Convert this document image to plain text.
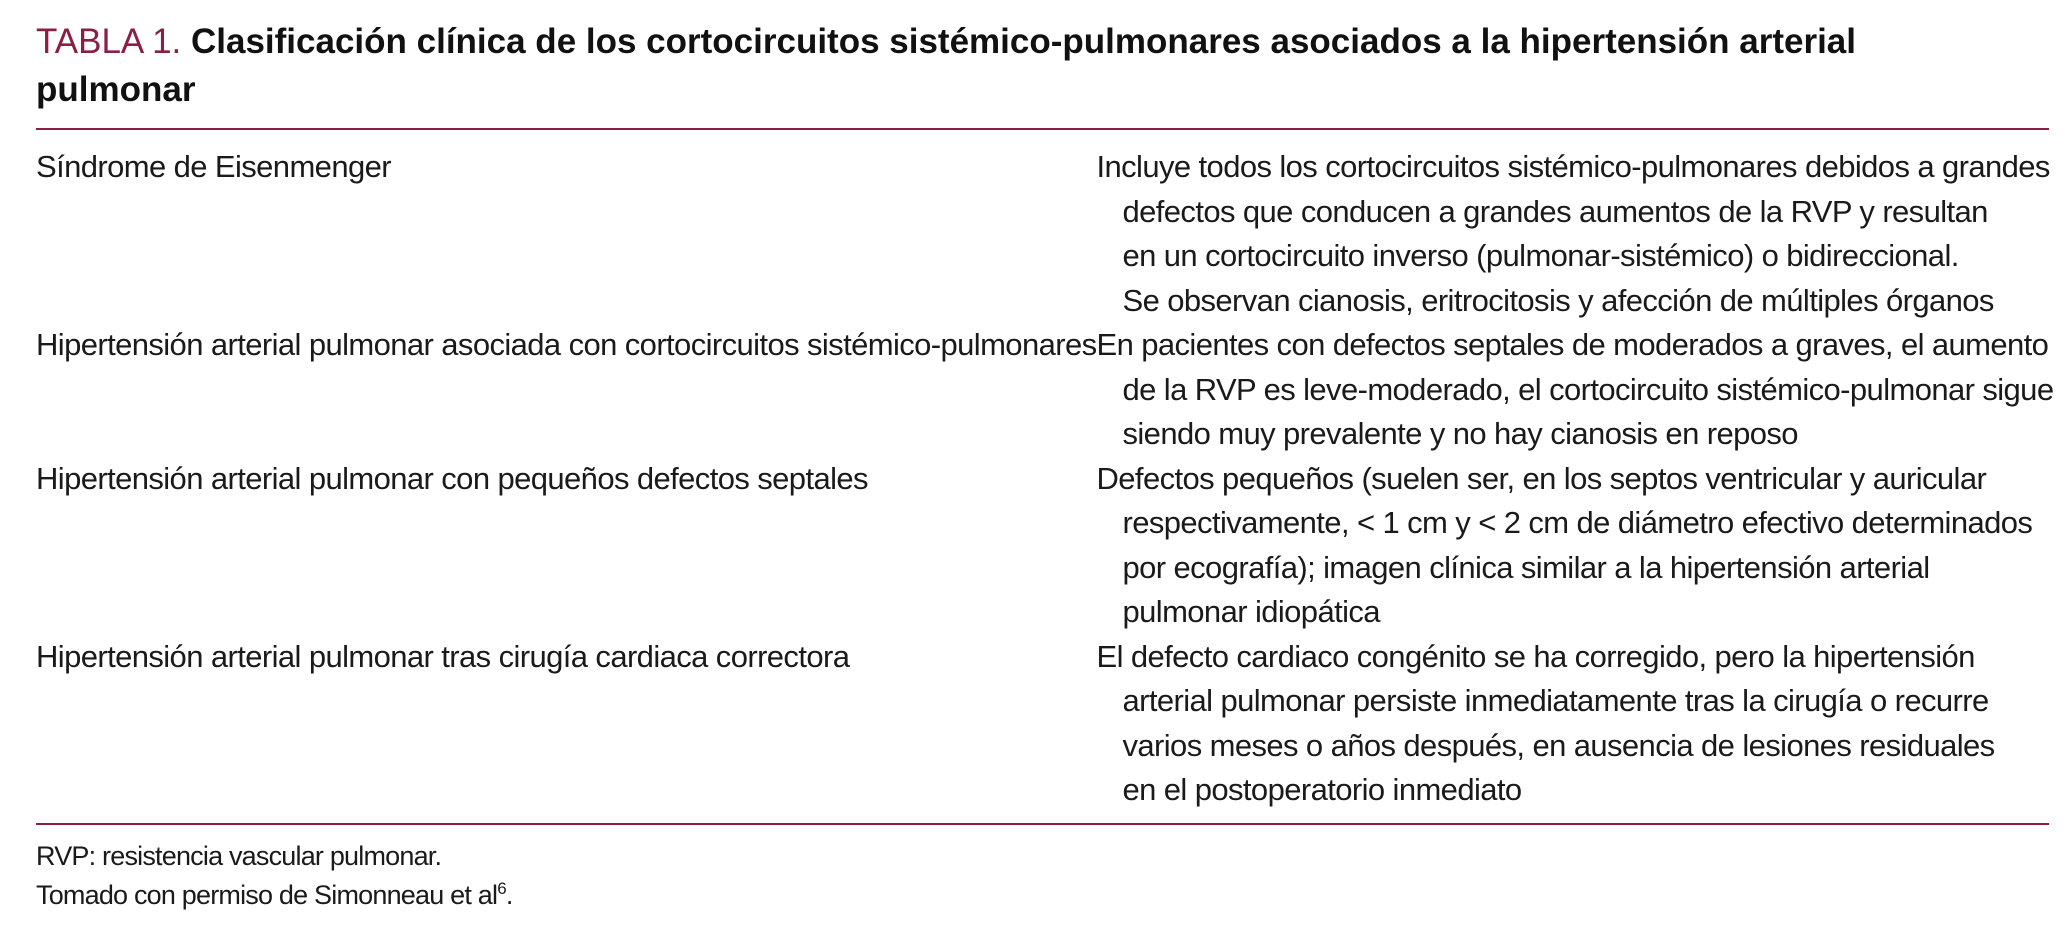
TABLA 1. Clasificación clínica de los cortocircuitos sistémico-pulmonares asociados a la hipertensión arterial
pulmonar
Síndrome de Eisenmenger	Incluye todos los cortocircuitos sistémico-pulmonares debidos a grandes
defectos que conducen a grandes aumentos de la RVP y resultan
en un cortocircuito inverso (pulmonar-sistémico) o bidireccional.
Se observan cianosis, eritrocitosis y afección de múltiples órganos

Hipertensión arterial pulmonar asociada con cortocircuitos sistémico-pulmonares	En pacientes con defectos septales de moderados a graves, el aumento
de la RVP es leve-moderado, el cortocircuito sistémico-pulmonar sigue
siendo muy prevalente y no hay cianosis en reposo

Hipertensión arterial pulmonar con pequeños defectos septales	Defectos pequeños (suelen ser, en los septos ventricular y auricular
respectivamente, < 1 cm y < 2 cm de diámetro efectivo determinados
por ecografía); imagen clínica similar a la hipertensión arterial
pulmonar idiopática

Hipertensión arterial pulmonar tras cirugía cardiaca correctora	El defecto cardiaco congénito se ha corregido, pero la hipertensión
arterial pulmonar persiste inmediatamente tras la cirugía o recurre
varios meses o años después, en ausencia de lesiones residuales
en el postoperatorio inmediato
RVP: resistencia vascular pulmonar.
Tomado con permiso de Simonneau et $al^6$.
